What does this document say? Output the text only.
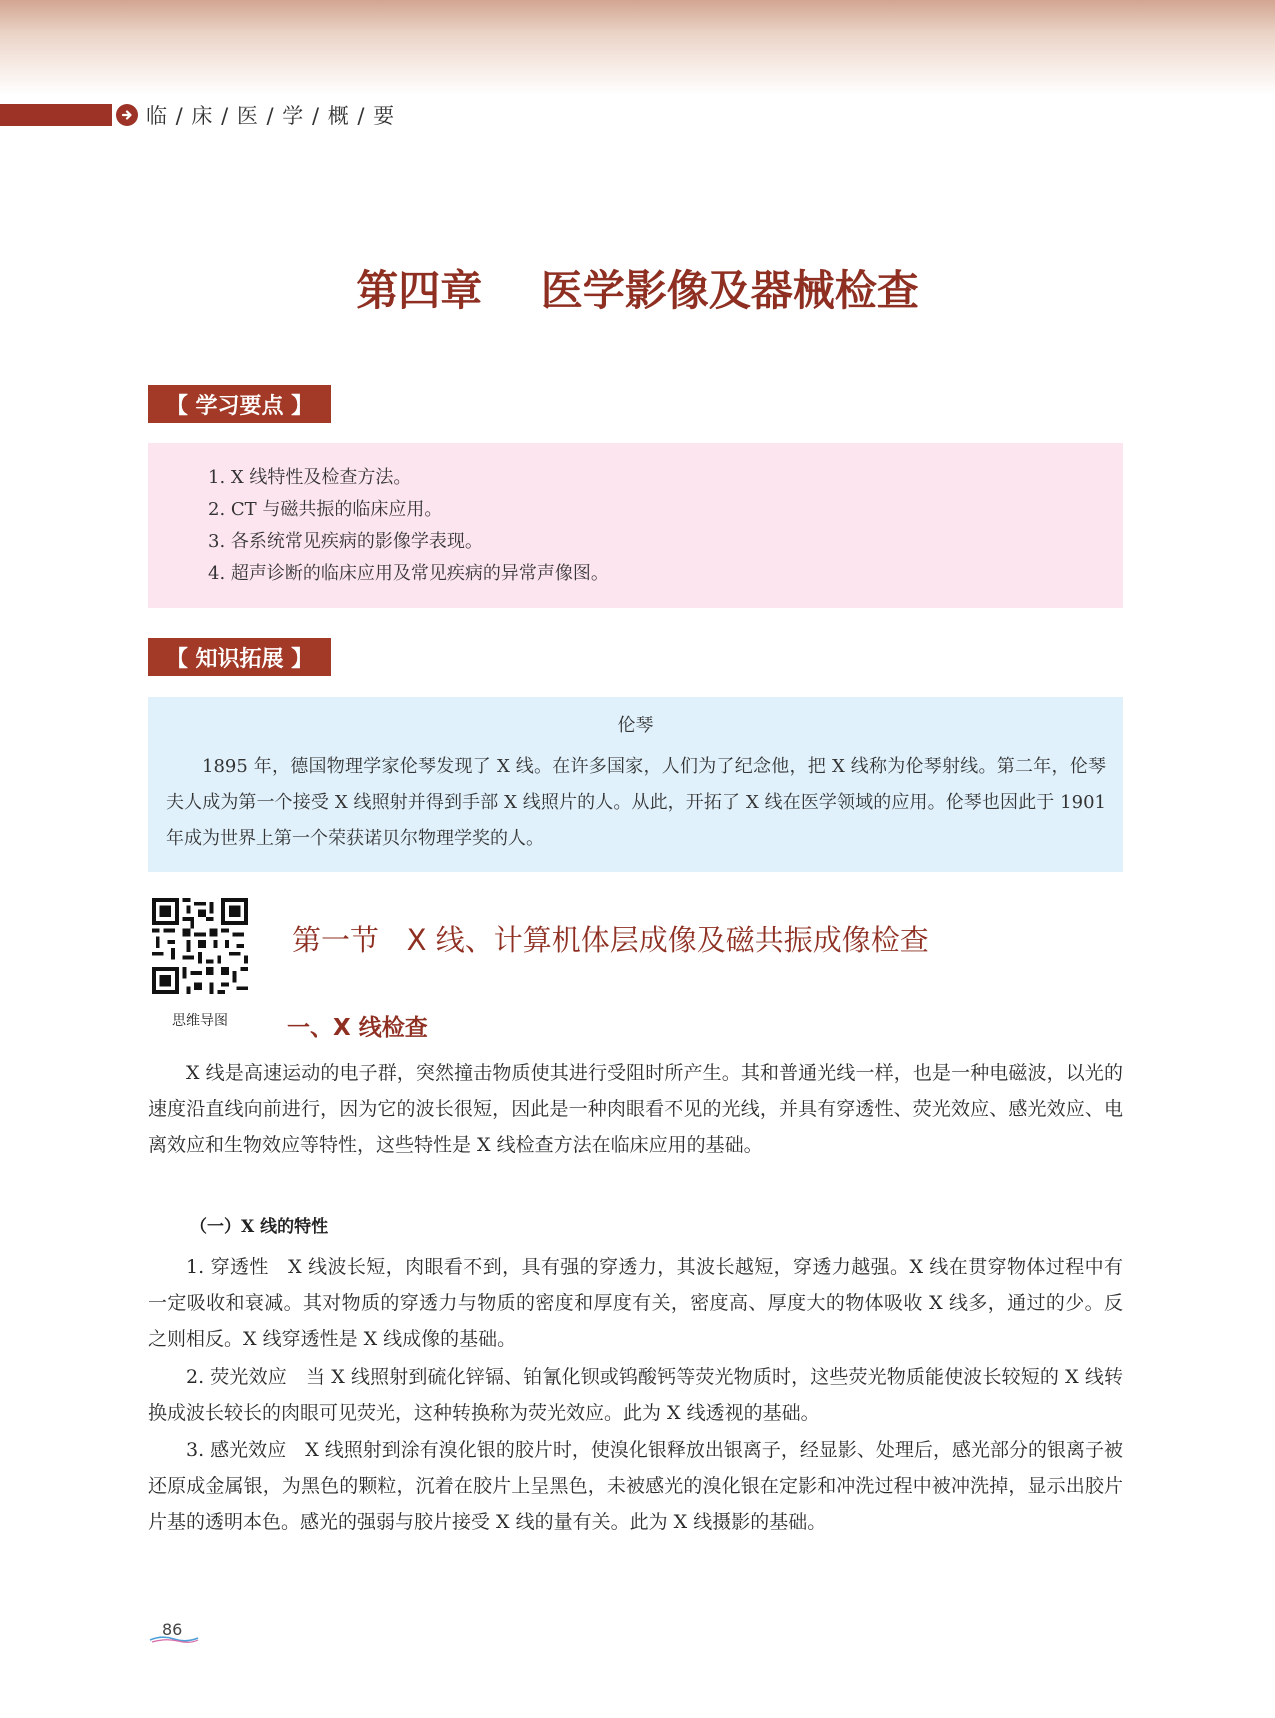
临 / 床 / 医 / 学 / 概 / 要
第四章    医学影像及器械检查
【 学习要点 】
1. X 线特性及检查方法。
2. CT 与磁共振的临床应用。
3. 各系统常见疾病的影像学表现。
4. 超声诊断的临床应用及常见疾病的异常声像图。
【 知识拓展 】
伦琴
1895 年，德国物理学家伦琴发现了 X 线。在许多国家，人们为了纪念他，把 X 线称为伦琴射线。第二年，伦琴夫人成为第一个接受 X 线照射并得到手部 X 线照片的人。从此，开拓了 X 线在医学领域的应用。伦琴也因此于 1901 年成为世界上第一个荣获诺贝尔物理学奖的人。
思维导图
第一节   X 线、计算机体层成像及磁共振成像检查
一、X 线检查
X 线是高速运动的电子群，突然撞击物质使其进行受阻时所产生。其和普通光线一样，也是一种电磁波，以光的速度沿直线向前进行，因为它的波长很短，因此是一种肉眼看不见的光线，并具有穿透性、荧光效应、感光效应、电离效应和生物效应等特性，这些特性是 X 线检查方法在临床应用的基础。
（一）X 线的特性
1. 穿透性　X 线波长短，肉眼看不到，具有强的穿透力，其波长越短，穿透力越强。X 线在贯穿物体过程中有一定吸收和衰减。其对物质的穿透力与物质的密度和厚度有关，密度高、厚度大的物体吸收 X 线多，通过的少。反之则相反。X 线穿透性是 X 线成像的基础。
2. 荧光效应　当 X 线照射到硫化锌镉、铂氰化钡或钨酸钙等荧光物质时，这些荧光物质能使波长较短的 X 线转换成波长较长的肉眼可见荧光，这种转换称为荧光效应。此为 X 线透视的基础。
3. 感光效应　X 线照射到涂有溴化银的胶片时，使溴化银释放出银离子，经显影、处理后，感光部分的银离子被还原成金属银，为黑色的颗粒，沉着在胶片上呈黑色，未被感光的溴化银在定影和冲洗过程中被冲洗掉，显示出胶片片基的透明本色。感光的强弱与胶片接受 X 线的量有关。此为 X 线摄影的基础。
86
